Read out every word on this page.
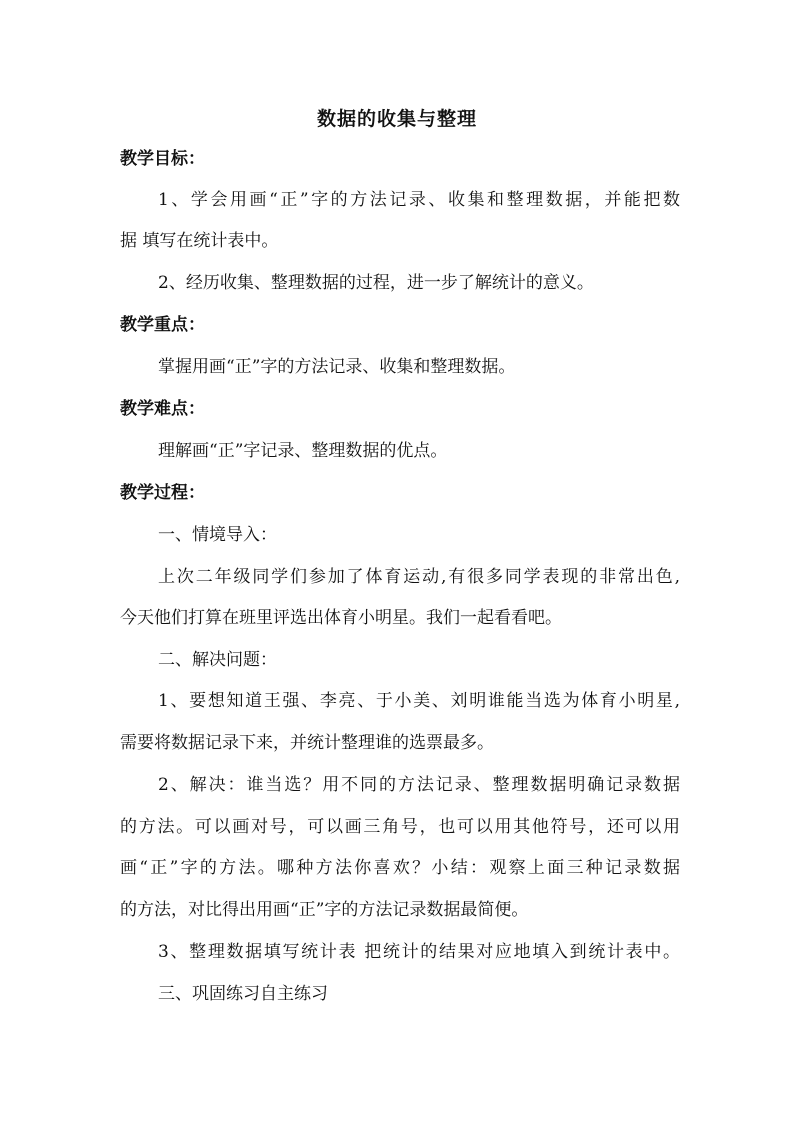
数据的收集与整理
教学目标：
1、学会用画“正”字的方法记录、收集和整理数据，并能把数
据 填写在统计表中。
2、经历收集、整理数据的过程，进一步了解统计的意义。
教学重点：
掌握用画“正”字的方法记录、收集和整理数据。
教学难点：
理解画“正”字记录、整理数据的优点。
教学过程：
一、情境导入：
上次二年级同学们参加了体育运动,有很多同学表现的非常出色,
今天他们打算在班里评选出体育小明星。我们一起看看吧。
二、解决问题：
1、要想知道王强、李亮、于小美、刘明谁能当选为体育小明星,
需要将数据记录下来，并统计整理谁的选票最多。
2、解决：谁当选？用不同的方法记录、整理数据明确记录数据
的方法。可以画对号，可以画三角号，也可以用其他符号，还可以用
画“正”字的方法。哪种方法你喜欢？小结：观察上面三种记录数据
的方法，对比得出用画“正”字的方法记录数据最简便。
3、整理数据填写统计表 把统计的结果对应地填入到统计表中。
三、巩固练习自主练习
